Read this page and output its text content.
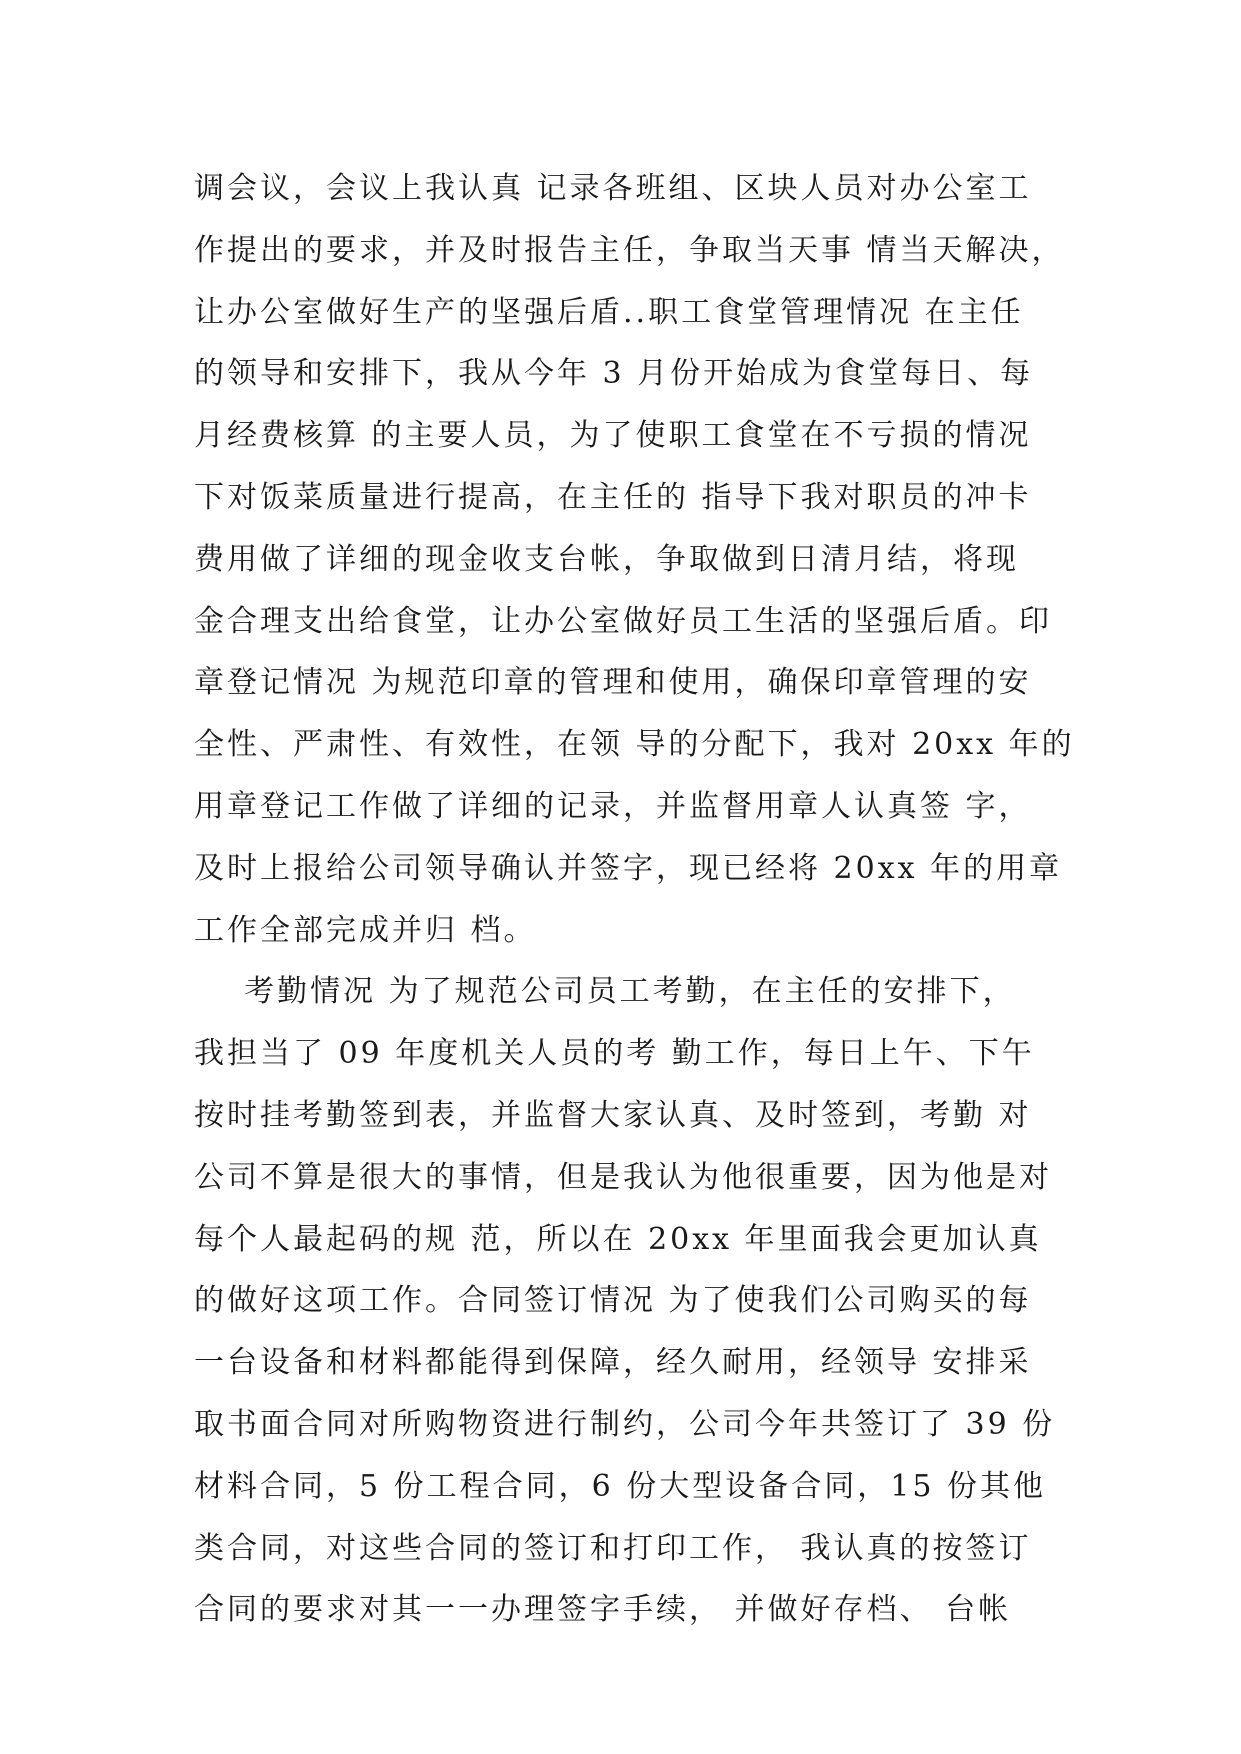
调会议，会议上我认真 记录各班组、区块人员对办公室工
作提出的要求，并及时报告主任，争取当天事 情当天解决，
让办公室做好生产的坚强后盾..职工食堂管理情况 在主任
的领导和安排下，我从今年 3 月份开始成为食堂每日、每
月经费核算 的主要人员，为了使职工食堂在不亏损的情况
下对饭菜质量进行提高，在主任的 指导下我对职员的冲卡
费用做了详细的现金收支台帐，争取做到日清月结，将现
金合理支出给食堂，让办公室做好员工生活的坚强后盾。印
章登记情况 为规范印章的管理和使用，确保印章管理的安
全性、严肃性、有效性，在领 导的分配下，我对 20xx 年的
用章登记工作做了详细的记录，并监督用章人认真签 字，
及时上报给公司领导确认并签字，现已经将 20xx 年的用章
工作全部完成并归 档。
考勤情况 为了规范公司员工考勤，在主任的安排下，
我担当了 09 年度机关人员的考 勤工作，每日上午、下午
按时挂考勤签到表，并监督大家认真、及时签到，考勤 对
公司不算是很大的事情，但是我认为他很重要，因为他是对
每个人最起码的规 范，所以在 20xx 年里面我会更加认真
的做好这项工作。合同签订情况 为了使我们公司购买的每
一台设备和材料都能得到保障，经久耐用，经领导 安排采
取书面合同对所购物资进行制约，公司今年共签订了 39 份
材料合同，5 份工程合同，6 份大型设备合同，15 份其他
类合同，对这些合同的签订和打印工作， 我认真的按签订
合同的要求对其一一办理签字手续， 并做好存档、 台帐
